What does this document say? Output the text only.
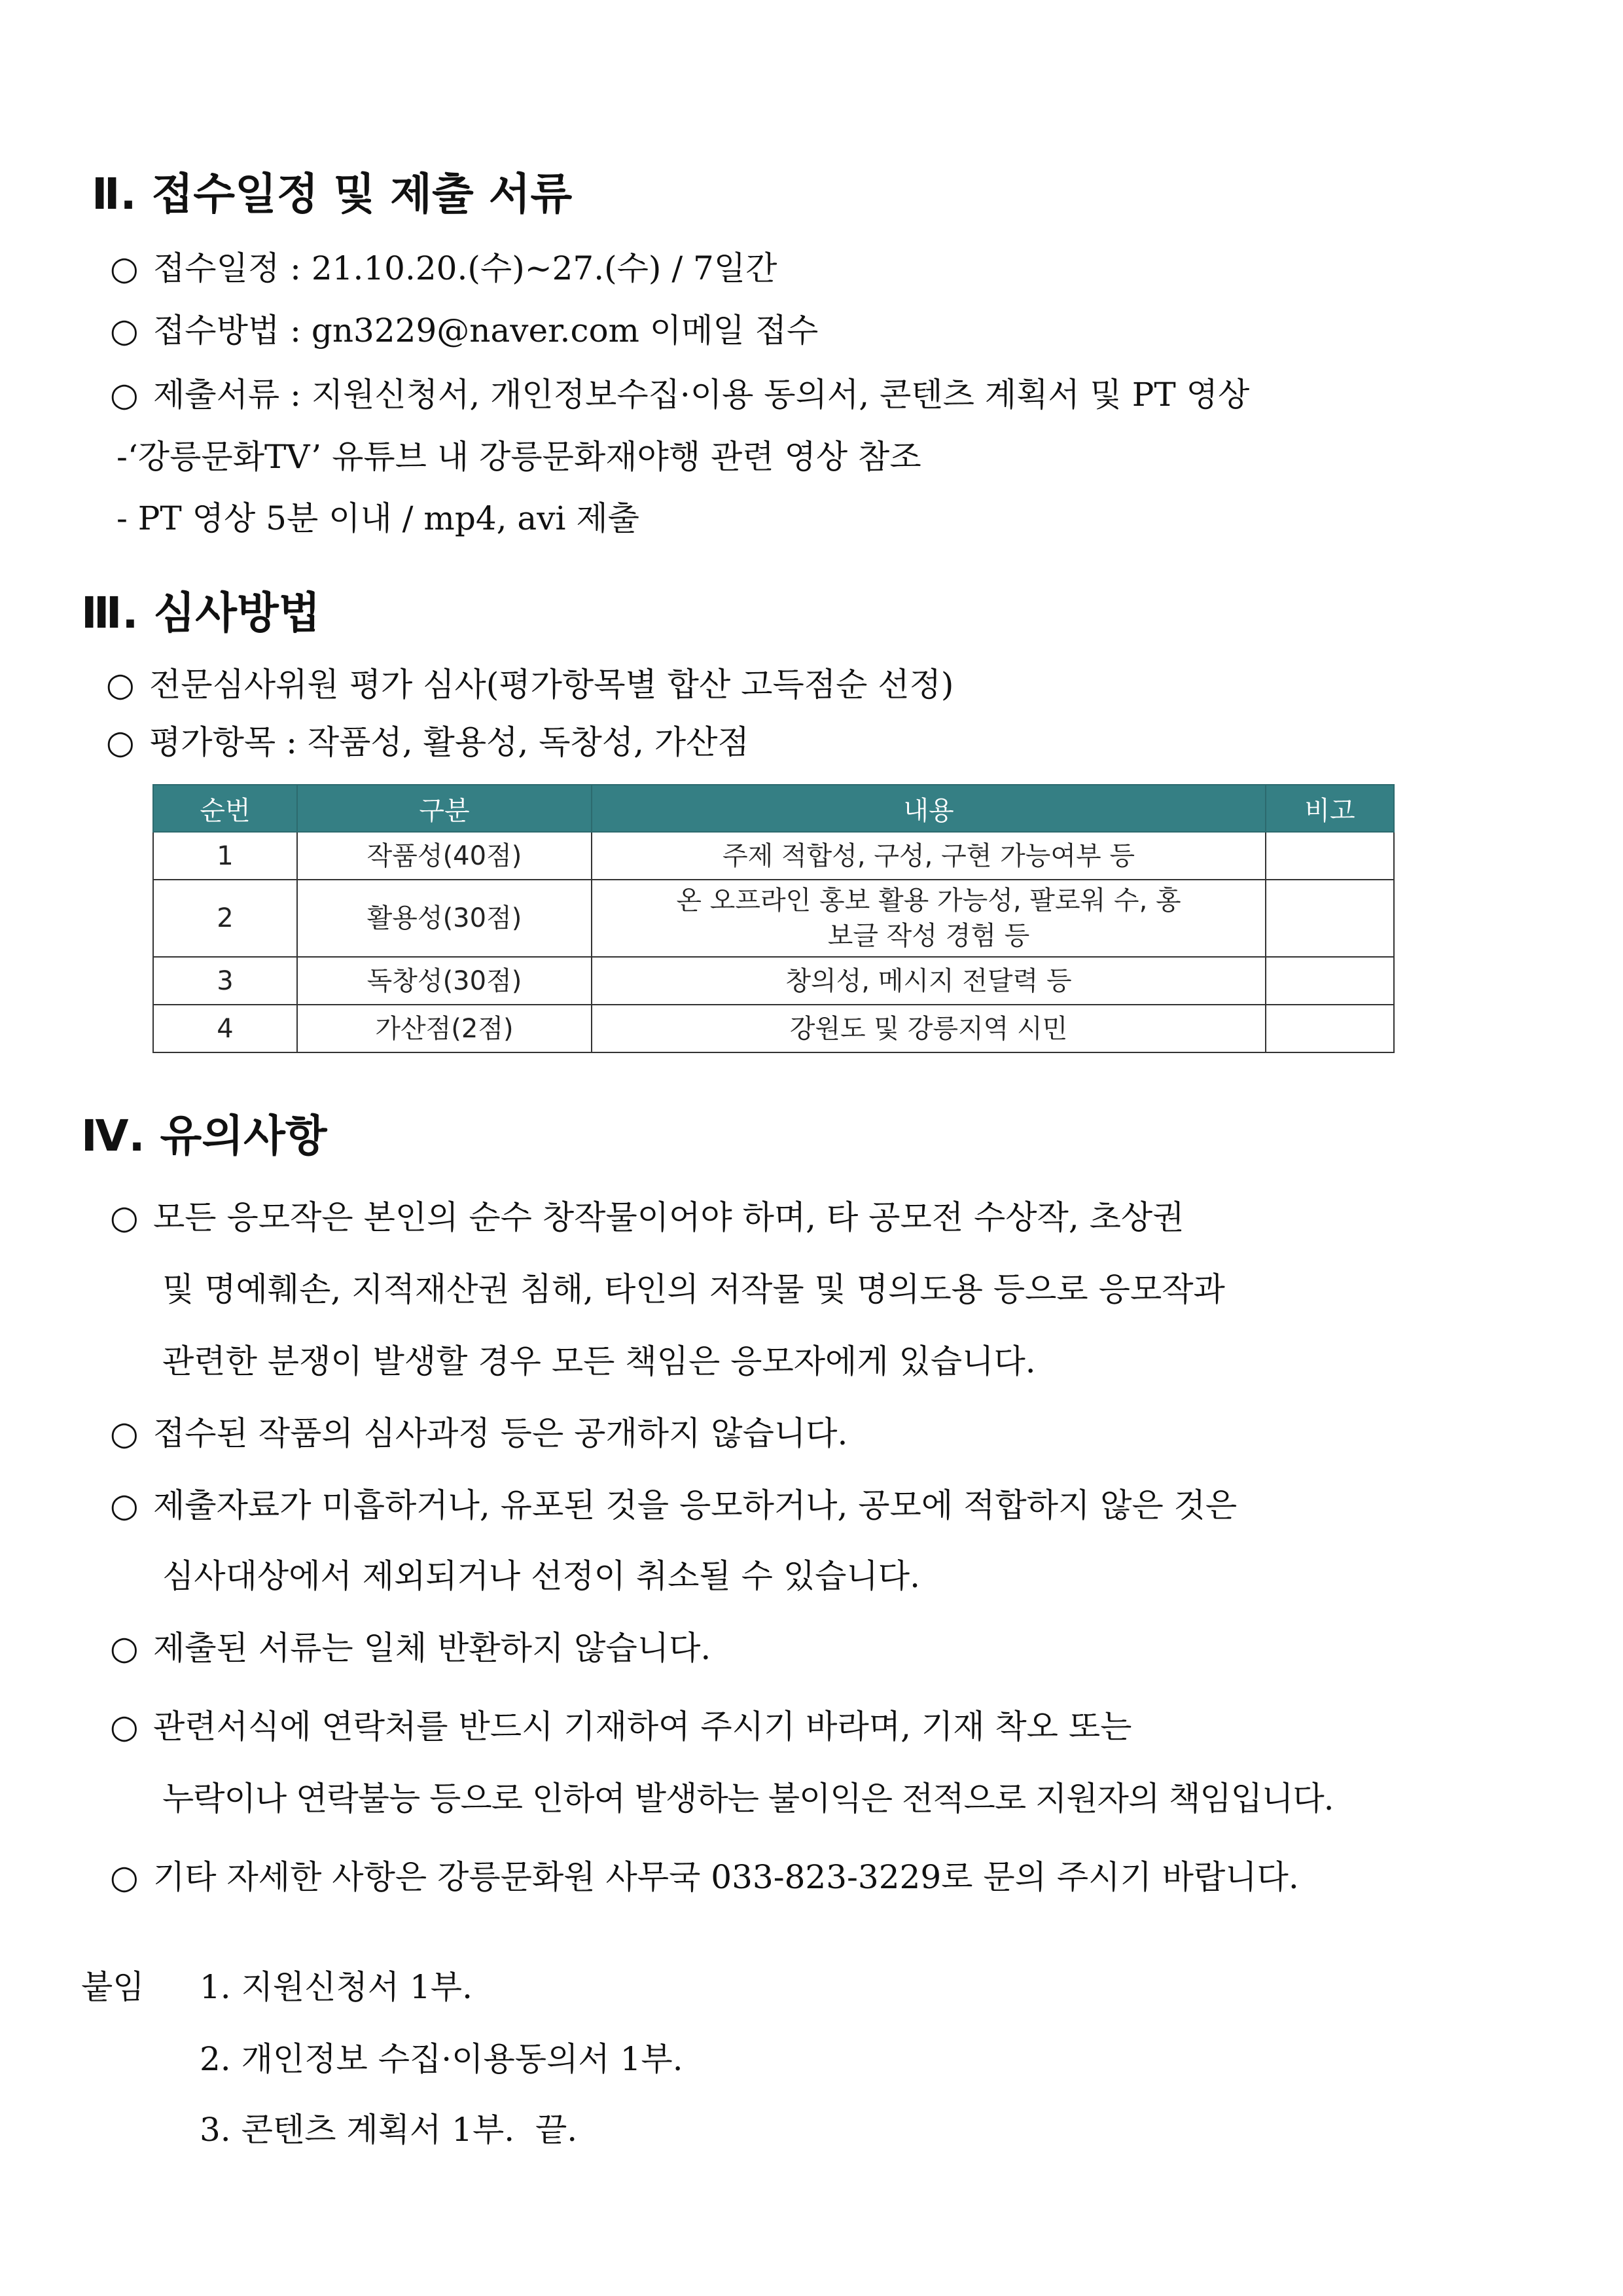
Ⅱ. 접수일정 및 제출 서류
○ 접수일정 : 21.10.20.(수)~27.(수) / 7일간
○ 접수방법 : gn3229@naver.com 이메일 접수
○ 제출서류 : 지원신청서, 개인정보수집·이용 동의서, 콘텐츠 계획서 및 PT 영상
-‘강릉문화TV’ 유튜브 내 강릉문화재야행 관련 영상 참조
- PT 영상 5분 이내 / mp4, avi 제출
Ⅲ. 심사방법
○ 전문심사위원 평가 심사(평가항목별 합산 고득점순 선정)
○ 평가항목 : 작품성, 활용성, 독창성, 가산점
순번	구분	내용	비고
1	작품성(40점)	주제 적합성, 구성, 구현 가능여부 등	
2	활용성(30점)	온 오프라인 홍보 활용 가능성, 팔로워 수, 홍보글 작성 경험 등	
3	독창성(30점)	창의성, 메시지 전달력 등	
4	가산점(2점)	강원도 및 강릉지역 시민	
Ⅳ. 유의사항
○ 모든 응모작은 본인의 순수 창작물이어야 하며, 타 공모전 수상작, 초상권
및 명예훼손, 지적재산권 침해, 타인의 저작물 및 명의도용 등으로 응모작과
관련한 분쟁이 발생할 경우 모든 책임은 응모자에게 있습니다.
○ 접수된 작품의 심사과정 등은 공개하지 않습니다.
○ 제출자료가 미흡하거나, 유포된 것을 응모하거나, 공모에 적합하지 않은 것은
심사대상에서 제외되거나 선정이 취소될 수 있습니다.
○ 제출된 서류는 일체 반환하지 않습니다.
○ 관련서식에 연락처를 반드시 기재하여 주시기 바라며, 기재 착오 또는
누락이나 연락불능 등으로 인하여 발생하는 불이익은 전적으로 지원자의 책임입니다.
○ 기타 자세한 사항은 강릉문화원 사무국 033-823-3229로 문의 주시기 바랍니다.
붙임 1. 지원신청서 1부.
2. 개인정보 수집·이용동의서 1부.
3. 콘텐츠 계획서 1부.  끝.
